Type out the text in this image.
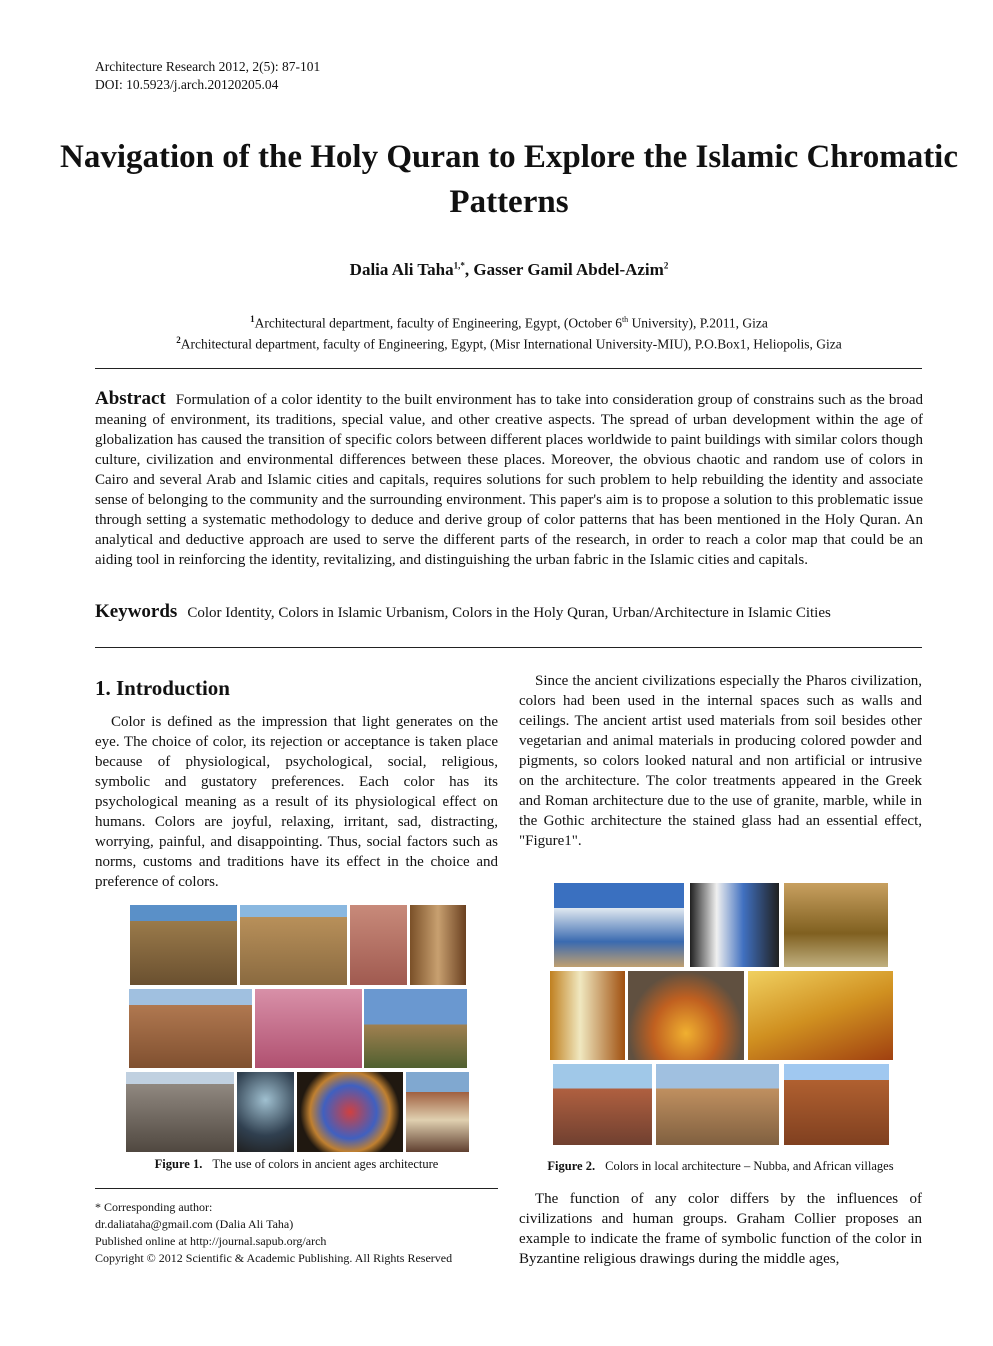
Architecture Research 2012, 2(5): 87-101
DOI: 10.5923/j.arch.20120205.04
Navigation of the Holy Quran to Explore the Islamic Chromatic Patterns
Dalia Ali Taha$^{1,*}$, Gasser Gamil Abdel-Azim$^2$
$^1$Architectural department, faculty of Engineering, Egypt, (October 6th University), P.2011, Giza
$^2$Architectural department, faculty of Engineering, Egypt, (Misr International University-MIU), P.O.Box1, Heliopolis, Giza
Abstract Formulation of a color identity to the built environment has to take into consideration group of constrains such as the broad meaning of environment, its traditions, special value, and other creative aspects. The spread of urban development within the age of globalization has caused the transition of specific colors between different places worldwide to paint buildings with similar colors though culture, civilization and environmental differences between these places. Moreover, the obvious chaotic and random use of colors in Cairo and several Arab and Islamic cities and capitals, requires solutions for such problem to help rebuilding the identity and associate sense of belonging to the community and the surrounding environment. This paper's aim is to propose a solution to this problematic issue through setting a systematic methodology to deduce and derive group of color patterns that has been mentioned in the Holy Quran. An analytical and deductive approach are used to serve the different parts of the research, in order to reach a color map that could be an aiding tool in reinforcing the identity, revitalizing, and distinguishing the urban fabric in the Islamic cities and capitals.
Keywords Color Identity, Colors in Islamic Urbanism, Colors in the Holy Quran, Urban/Architecture in Islamic Cities
1. Introduction

Color is defined as the impression that light generates on the eye. The choice of color, its rejection or acceptance is taken place because of physiological, psychological, social, religious, symbolic and gustatory preferences. Each color has its psychological meaning as a result of its physiological effect on humans. Colors are joyful, relaxing, irritant, sad, distracting, worrying, painful, and disappointing. Thus, social factors such as norms, customs and traditions have its effect in the choice and preference of colors.

Since the ancient civilizations especially the Pharos civilization, colors had been used in the internal spaces such as walls and ceilings. The ancient artist used materials from soil besides other vegetarian and animal materials in producing colored powder and pigments, so colors looked natural and non artificial or intrusive on the architecture. The color treatments appeared in the Greek and Roman architecture due to the use of granite, marble, while in the Gothic architecture the stained glass had an essential effect, "Figure1".

The function of any color differs by the influences of civilizations and human groups. Graham Collier proposes an example to indicate the frame of symbolic function of the color in Byzantine religious drawings during the middle ages,

Figure 1. The use of colors in ancient ages architecture	Figure 2. Colors in local architecture – Nubba, and African villages
* Corresponding author:
dr.daliataha@gmail.com (Dalia Ali Taha)
Published online at http://journal.sapub.org/arch
Copyright © 2012 Scientific & Academic Publishing. All Rights Reserved
